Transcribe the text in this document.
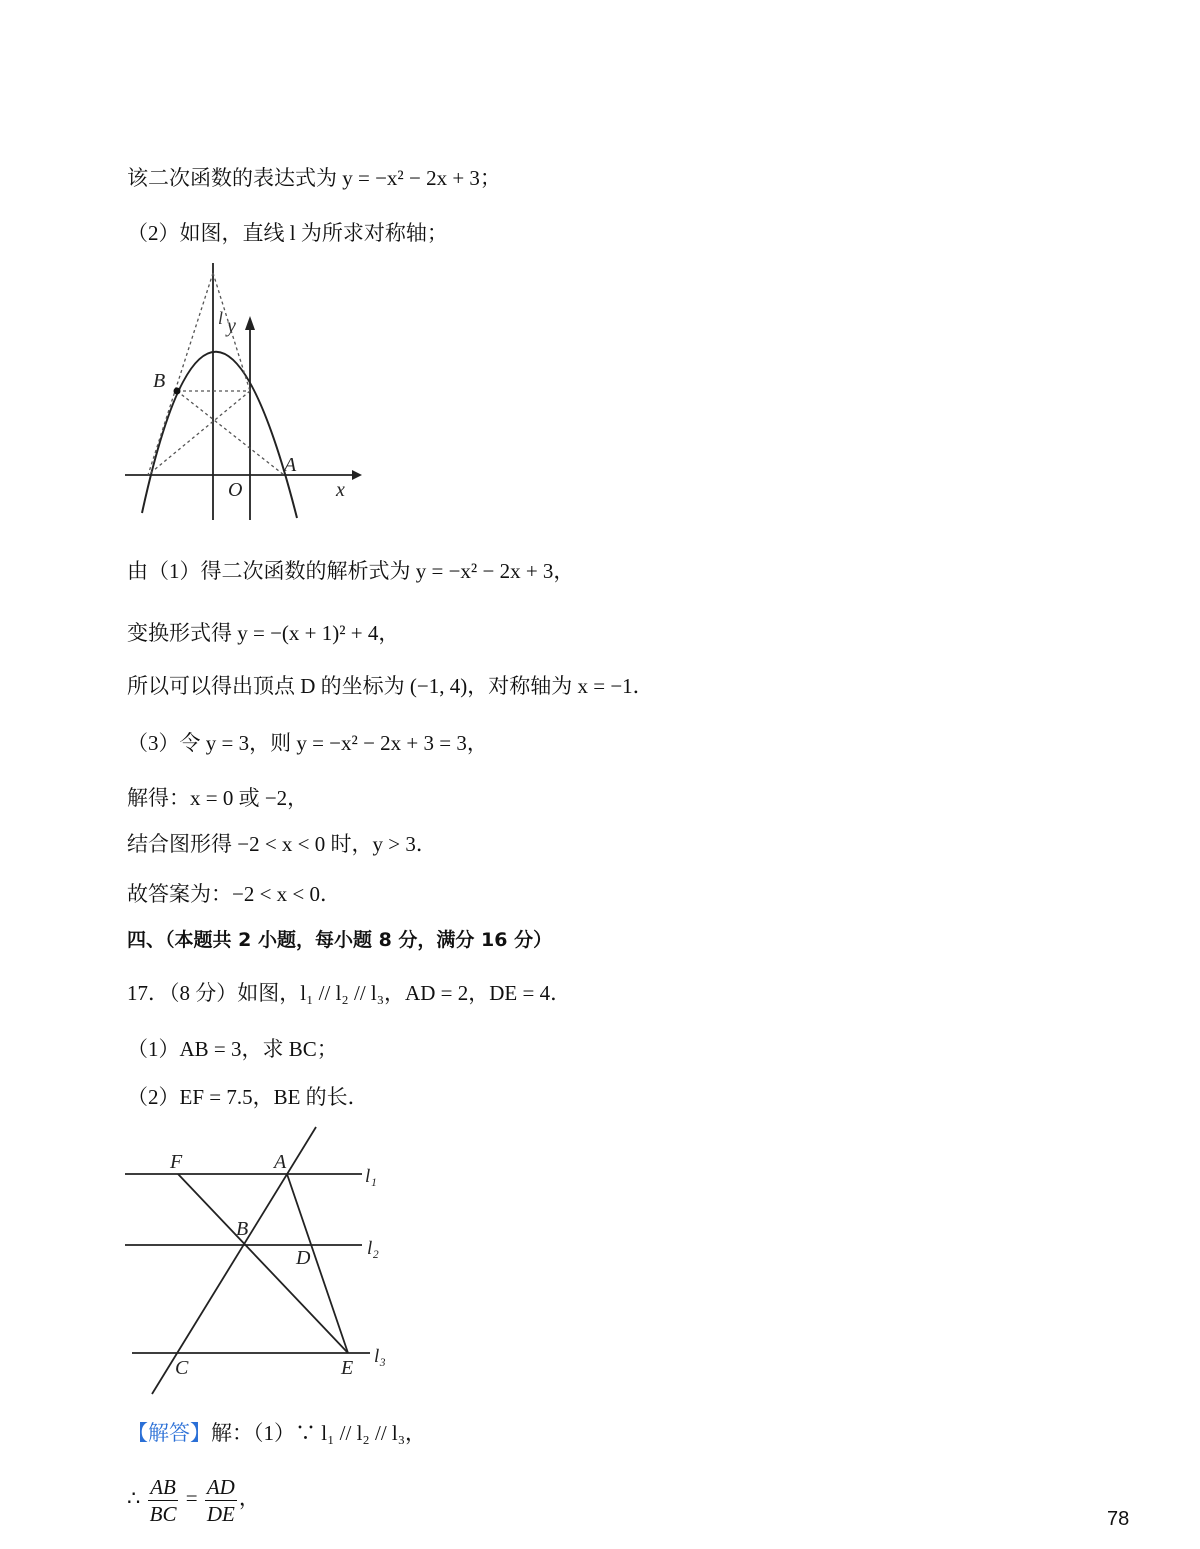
该二次函数的表达式为 y = −x² − 2x + 3；
（2）如图，直线 l 为所求对称轴；
l y
B
A
O	x
由（1）得二次函数的解析式为 y = −x² − 2x + 3，
变换形式得 y = −(x + 1)² + 4，
所以可以得出顶点 D 的坐标为 (−1, 4)，对称轴为 x = −1．
（3）令 y = 3，则 y = −x² − 2x + 3 = 3，
解得：x = 0 或 −2，
结合图形得 −2 < x < 0 时，y > 3．
故答案为：−2 < x < 0．
四、（本题共 2 小题，每小题 8 分，满分 16 分）
17．（8 分）如图，l₁ // l₂ // l₃，AD = 2，DE = 4．
（1）AB = 3，求 BC；
（2）EF = 7.5，BE 的长．
F	A
l₁
B
D	l₂
C	E
l₃
【解答】解：（1）∵ l₁ // l₂ // l₃，
∴ $\frac{AB}{BC} = \frac{AD}{DE}$ ，
78
